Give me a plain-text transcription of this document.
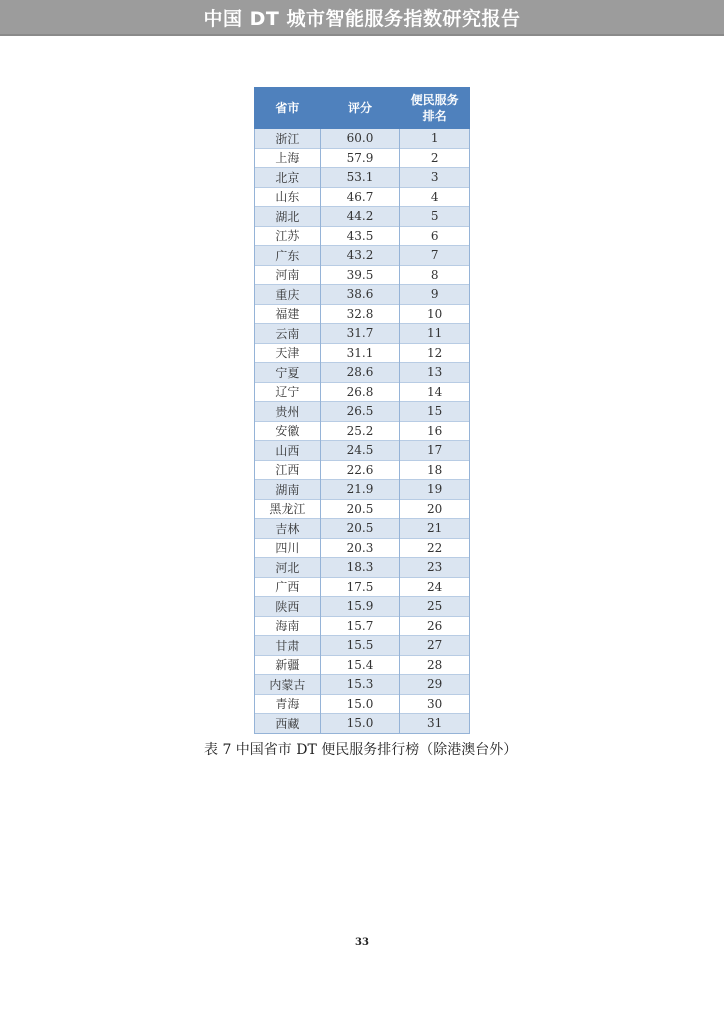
中国 DT 城市智能服务指数研究报告
省市	评分	便民服务
排名
浙江	60.0	1
上海	57.9	2
北京	53.1	3
山东	46.7	4
湖北	44.2	5
江苏	43.5	6
广东	43.2	7
河南	39.5	8
重庆	38.6	9
福建	32.8	10
云南	31.7	11
天津	31.1	12
宁夏	28.6	13
辽宁	26.8	14
贵州	26.5	15
安徽	25.2	16
山西	24.5	17
江西	22.6	18
湖南	21.9	19
黑龙江	20.5	20
吉林	20.5	21
四川	20.3	22
河北	18.3	23
广西	17.5	24
陕西	15.9	25
海南	15.7	26
甘肃	15.5	27
新疆	15.4	28
内蒙古	15.3	29
青海	15.0	30
西藏	15.0	31
表 7 中国省市 DT 便民服务排行榜（除港澳台外）
33
